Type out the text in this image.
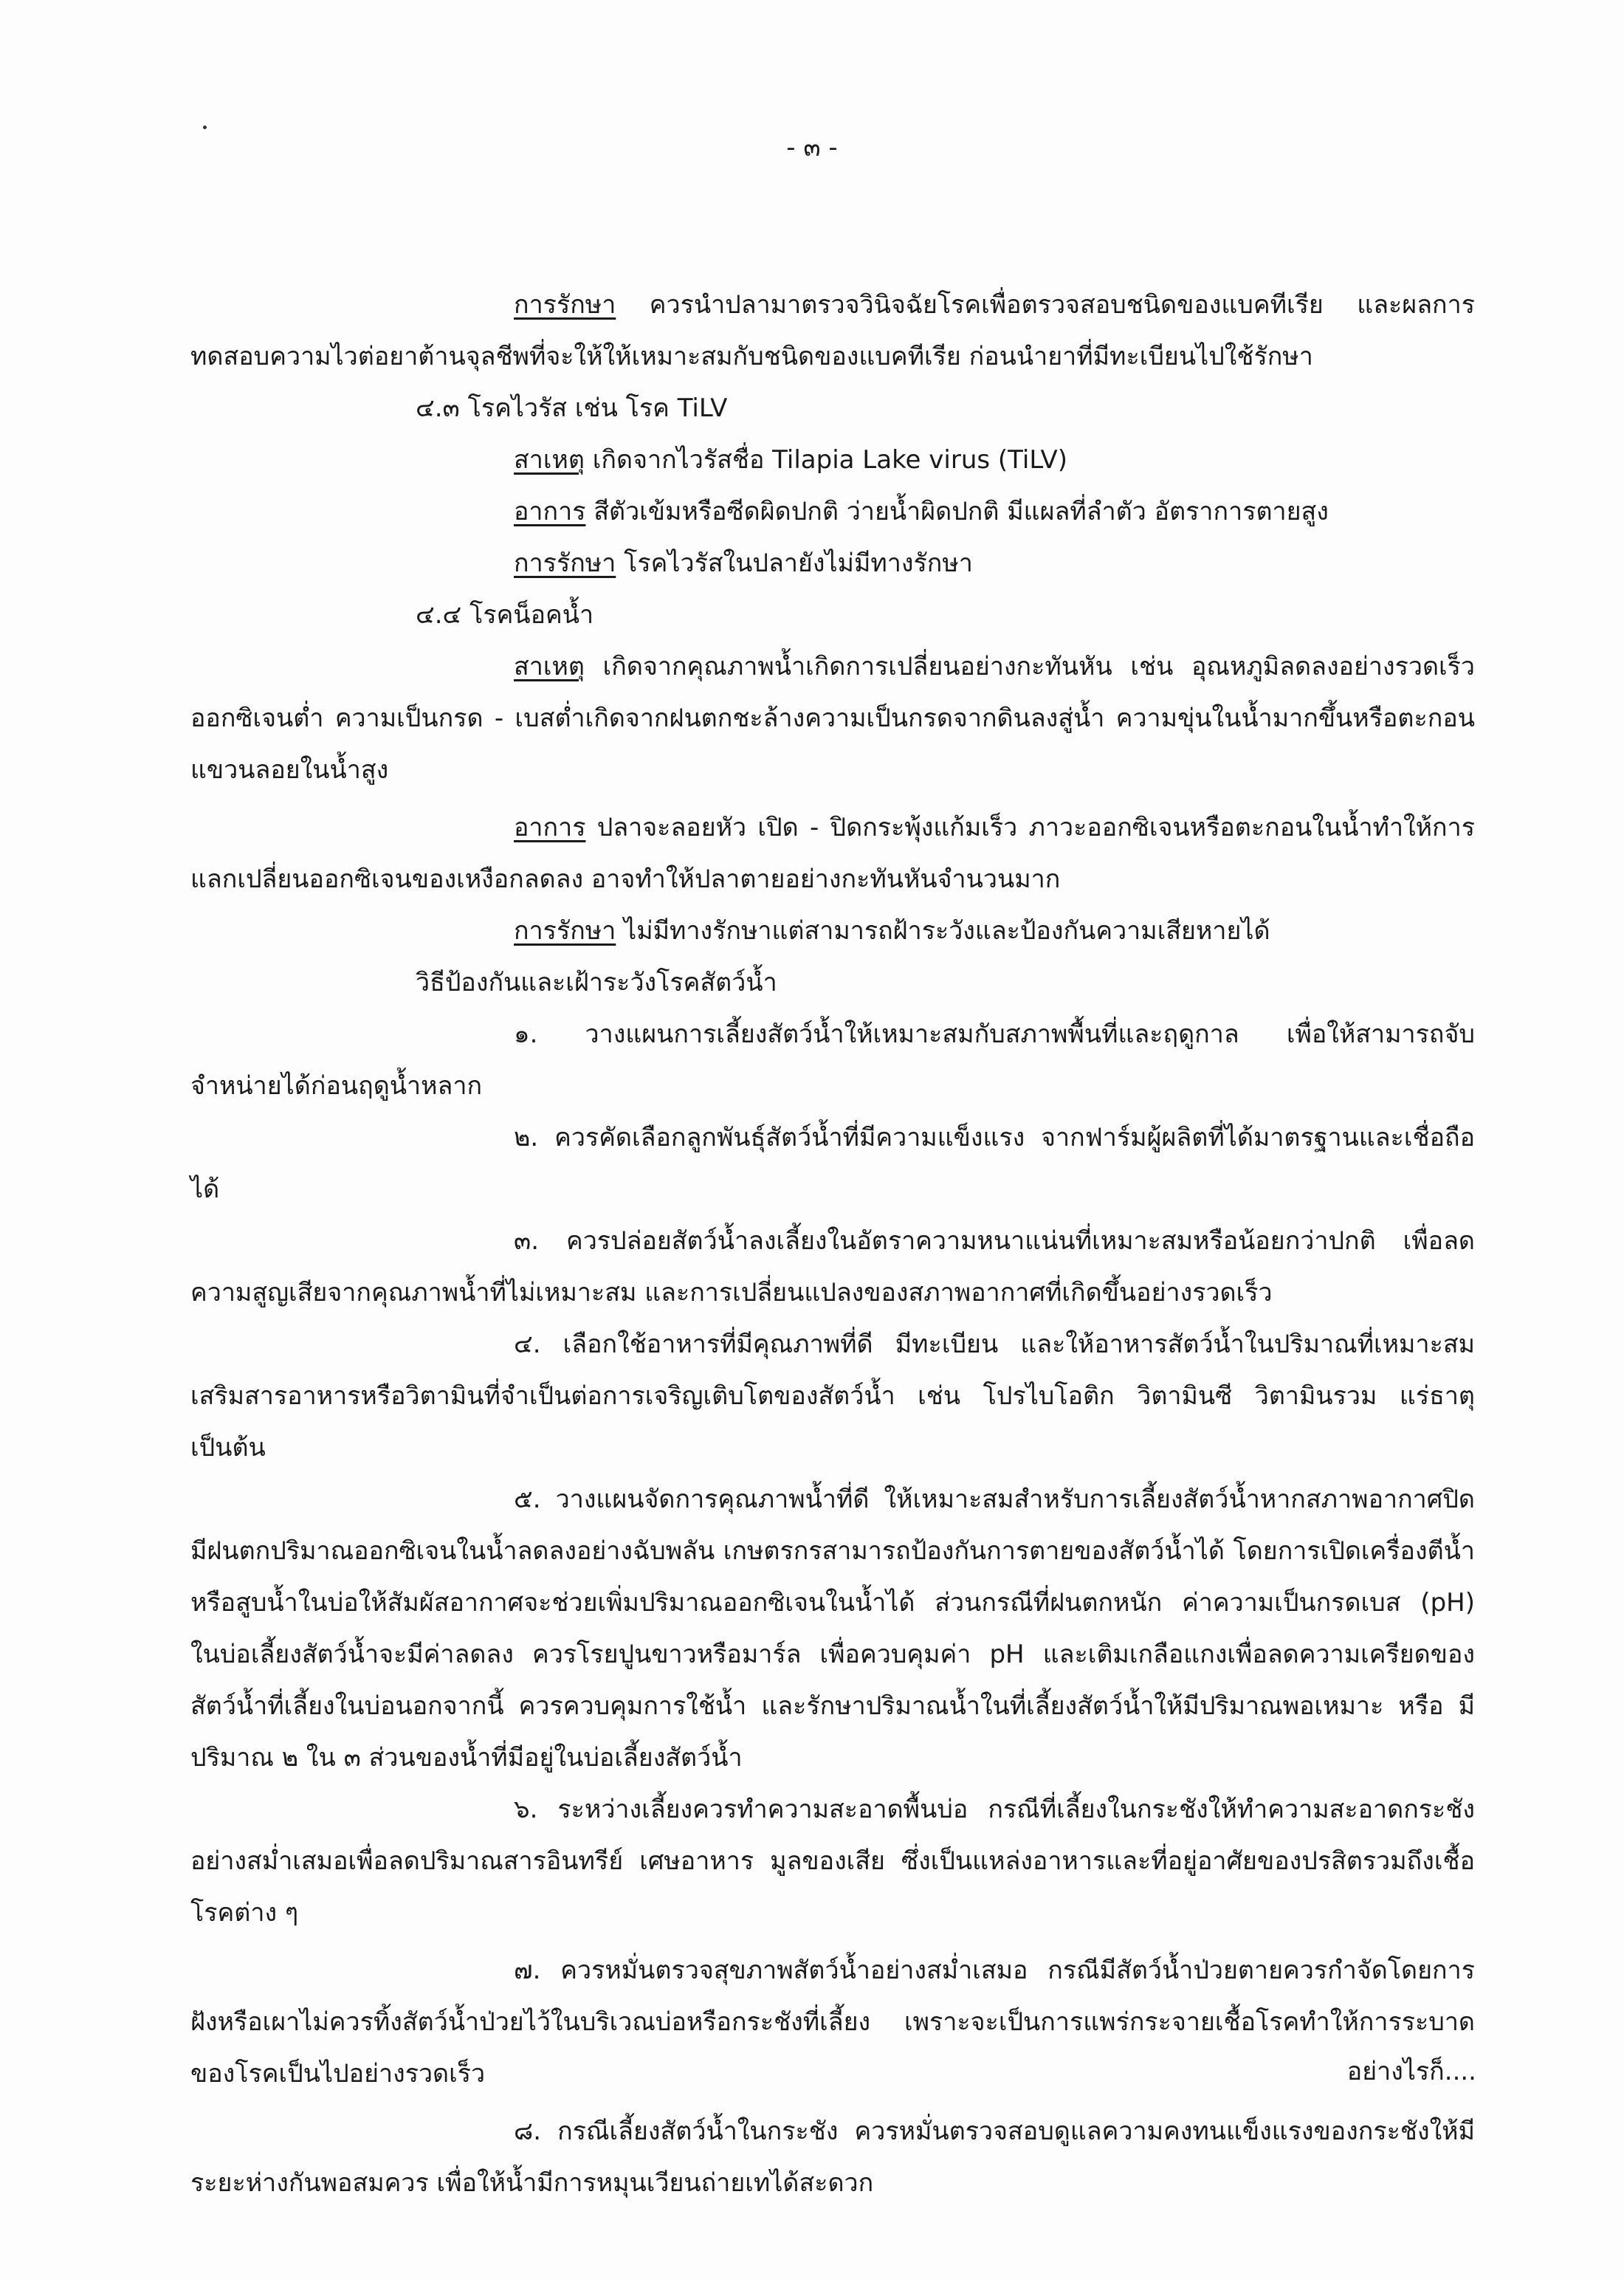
- ๓ -

การรักษา ควรนำปลามาตรวจวินิจฉัยโรคเพื่อตรวจสอบชนิดของแบคทีเรีย และผลการทดสอบความไวต่อยาต้านจุลชีพที่จะให้ให้เหมาะสมกับชนิดของแบคทีเรีย ก่อนนำยาที่มีทะเบียนไปใช้รักษา

๔.๓ โรคไวรัส เช่น โรค TiLV

สาเหตุ เกิดจากไวรัสชื่อ Tilapia Lake virus (TiLV)

อาการ สีตัวเข้มหรือซีดผิดปกติ ว่ายน้ำผิดปกติ มีแผลที่ลำตัว อัตราการตายสูง

การรักษา โรคไวรัสในปลายังไม่มีทางรักษา

๔.๔ โรคน็อคน้ำ

สาเหตุ เกิดจากคุณภาพน้ำเกิดการเปลี่ยนอย่างกะทันหัน เช่น อุณหภูมิลดลงอย่างรวดเร็วออกซิเจนต่ำ ความเป็นกรด - เบสต่ำเกิดจากฝนตกชะล้างความเป็นกรดจากดินลงสู่น้ำ ความขุ่นในน้ำมากขึ้นหรือตะกอนแขวนลอยในน้ำสูง

อาการ ปลาจะลอยหัว เปิด - ปิดกระพุ้งแก้มเร็ว ภาวะออกซิเจนหรือตะกอนในน้ำทำให้การแลกเปลี่ยนออกซิเจนของเหงือกลดลง อาจทำให้ปลาตายอย่างกะทันหันจำนวนมาก

การรักษา ไม่มีทางรักษาแต่สามารถฝ้าระวังและป้องกันความเสียหายได้

วิธีป้องกันและเฝ้าระวังโรคสัตว์น้ำ

๑. วางแผนการเลี้ยงสัตว์น้ำให้เหมาะสมกับสภาพพื้นที่และฤดูกาล เพื่อให้สามารถจับจำหน่ายได้ก่อนฤดูน้ำหลาก

๒. ควรคัดเลือกลูกพันธุ์สัตว์น้ำที่มีความแข็งแรง จากฟาร์มผู้ผลิตที่ได้มาตรฐานและเชื่อถือได้

๓. ควรปล่อยสัตว์น้ำลงเลี้ยงในอัตราความหนาแน่นที่เหมาะสมหรือน้อยกว่าปกติ เพื่อลดความสูญเสียจากคุณภาพน้ำที่ไม่เหมาะสม และการเปลี่ยนแปลงของสภาพอากาศที่เกิดขึ้นอย่างรวดเร็ว

๔. เลือกใช้อาหารที่มีคุณภาพที่ดี มีทะเบียน และให้อาหารสัตว์น้ำในปริมาณที่เหมาะสม เสริมสารอาหารหรือวิตามินที่จำเป็นต่อการเจริญเติบโตของสัตว์น้ำ เช่น โปรไบโอติก วิตามินซี วิตามินรวม แร่ธาตุ เป็นต้น

๕. วางแผนจัดการคุณภาพน้ำที่ดี ให้เหมาะสมสำหรับการเลี้ยงสัตว์น้ำหากสภาพอากาศปิดมีฝนตกปริมาณออกซิเจนในน้ำลดลงอย่างฉับพลัน เกษตรกรสามารถป้องกันการตายของสัตว์น้ำได้ โดยการเปิดเครื่องตีน้ำหรือสูบน้ำในบ่อให้สัมผัสอากาศจะช่วยเพิ่มปริมาณออกซิเจนในน้ำได้ ส่วนกรณีที่ฝนตกหนัก ค่าความเป็นกรดเบส (pH) ในบ่อเลี้ยงสัตว์น้ำจะมีค่าลดลง ควรโรยปูนขาวหรือมาร์ล เพื่อควบคุมค่า pH และเติมเกลือแกงเพื่อลดความเครียดของสัตว์น้ำที่เลี้ยงในบ่อนอกจากนี้ ควรควบคุมการใช้น้ำ และรักษาปริมาณน้ำในที่เลี้ยงสัตว์น้ำให้มีปริมาณพอเหมาะ หรือ มีปริมาณ ๒ ใน ๓ ส่วนของน้ำที่มีอยู่ในบ่อเลี้ยงสัตว์น้ำ

๖. ระหว่างเลี้ยงควรทำความสะอาดพื้นบ่อ กรณีที่เลี้ยงในกระชังให้ทำความสะอาดกระชังอย่างสม่ำเสมอเพื่อลดปริมาณสารอินทรีย์ เศษอาหาร มูลของเสีย ซึ่งเป็นแหล่งอาหารและที่อยู่อาศัยของปรสิตรวมถึงเชื้อโรคต่าง ๆ

๗. ควรหมั่นตรวจสุขภาพสัตว์น้ำอย่างสม่ำเสมอ กรณีมีสัตว์น้ำป่วยตายควรกำจัดโดยการฝังหรือเผาไม่ควรทิ้งสัตว์น้ำป่วยไว้ในบริเวณบ่อหรือกระชังที่เลี้ยง เพราะจะเป็นการแพร่กระจายเชื้อโรคทำให้การระบาดของโรคเป็นไปอย่างรวดเร็ว

๘. กรณีเลี้ยงสัตว์น้ำในกระชัง ควรหมั่นตรวจสอบดูแลความคงทนแข็งแรงของกระชังให้มีระยะห่างกันพอสมควร เพื่อให้น้ำมีการหมุนเวียนถ่ายเทได้สะดวก

อย่างไรก็....
